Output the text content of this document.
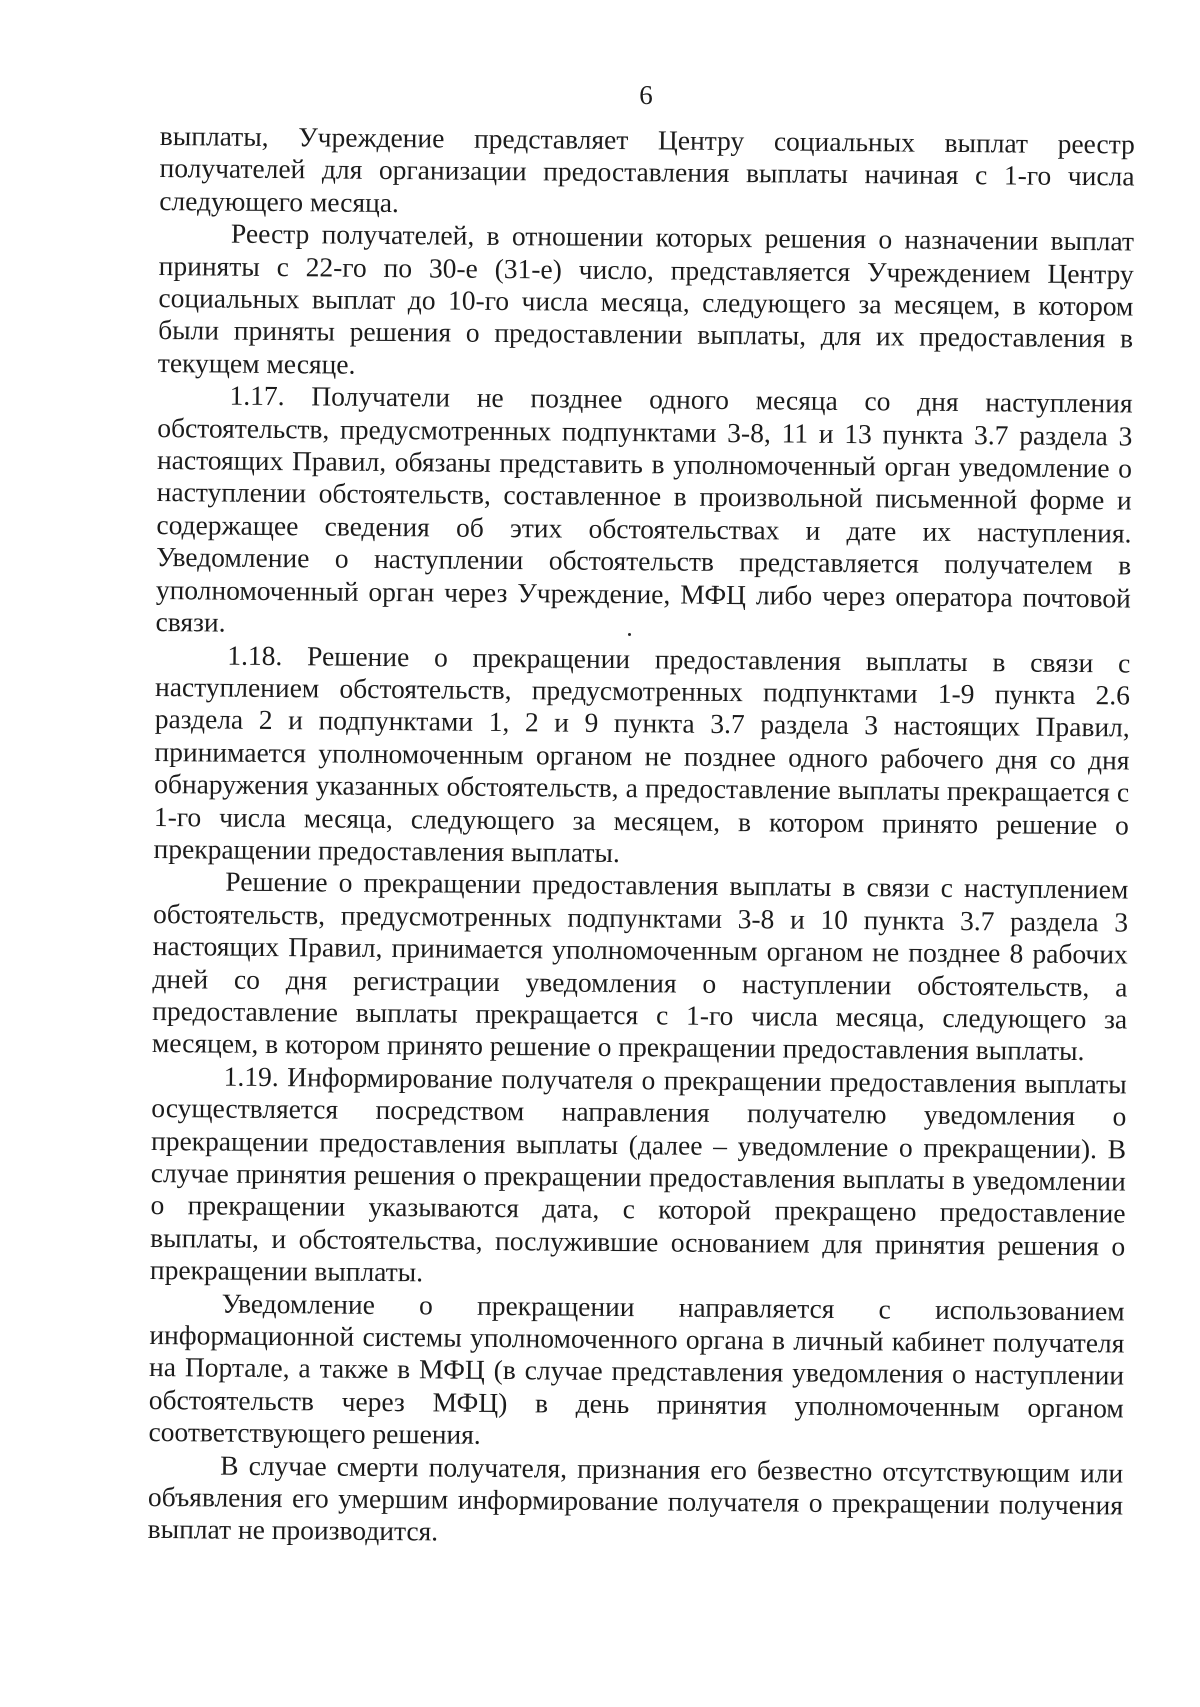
6

выплаты, Учреждение представляет Центру социальных выплат реестр получателей для организации предоставления выплаты начиная с 1-го числа следующего месяца.

Реестр получателей, в отношении которых решения о назначении выплат приняты с 22-го по 30-е (31-е) число, представляется Учреждением Центру социальных выплат до 10-го числа месяца, следующего за месяцем, в котором были приняты решения о предоставлении выплаты, для их предоставления в текущем месяце.

1.17. Получатели не позднее одного месяца со дня наступления обстоятельств, предусмотренных подпунктами 3-8, 11 и 13 пункта 3.7 раздела 3 настоящих Правил, обязаны представить в уполномоченный орган уведомление о наступлении обстоятельств, составленное в произвольной письменной форме и содержащее сведения об этих обстоятельствах и дате их наступления. Уведомление о наступлении обстоятельств представляется получателем в уполномоченный орган через Учреждение, МФЦ либо через оператора почтовой связи.

1.18. Решение о прекращении предоставления выплаты в связи с наступлением обстоятельств, предусмотренных подпунктами 1-9 пункта 2.6 раздела 2 и подпунктами 1, 2 и 9 пункта 3.7 раздела 3 настоящих Правил, принимается уполномоченным органом не позднее одного рабочего дня со дня обнаружения указанных обстоятельств, а предоставление выплаты прекращается с 1-го числа месяца, следующего за месяцем, в котором принято решение о прекращении предоставления выплаты.

Решение о прекращении предоставления выплаты в связи с наступлением обстоятельств, предусмотренных подпунктами 3-8 и 10 пункта 3.7 раздела 3 настоящих Правил, принимается уполномоченным органом не позднее 8 рабочих дней со дня регистрации уведомления о наступлении обстоятельств, а предоставление выплаты прекращается с 1-го числа месяца, следующего за месяцем, в котором принято решение о прекращении предоставления выплаты.

1.19. Информирование получателя о прекращении предоставления выплаты осуществляется посредством направления получателю уведомления о прекращении предоставления выплаты (далее – уведомление о прекращении). В случае принятия решения о прекращении предоставления выплаты в уведомлении о прекращении указываются дата, с которой прекращено предоставление выплаты, и обстоятельства, послужившие основанием для принятия решения о прекращении выплаты.

Уведомление о прекращении направляется с использованием информационной системы уполномоченного органа в личный кабинет получателя на Портале, а также в МФЦ (в случае представления уведомления о наступлении обстоятельств через МФЦ) в день принятия уполномоченным органом соответствующего решения.

В случае смерти получателя, признания его безвестно отсутствующим или объявления его умершим информирование получателя о прекращении получения выплат не производится.
